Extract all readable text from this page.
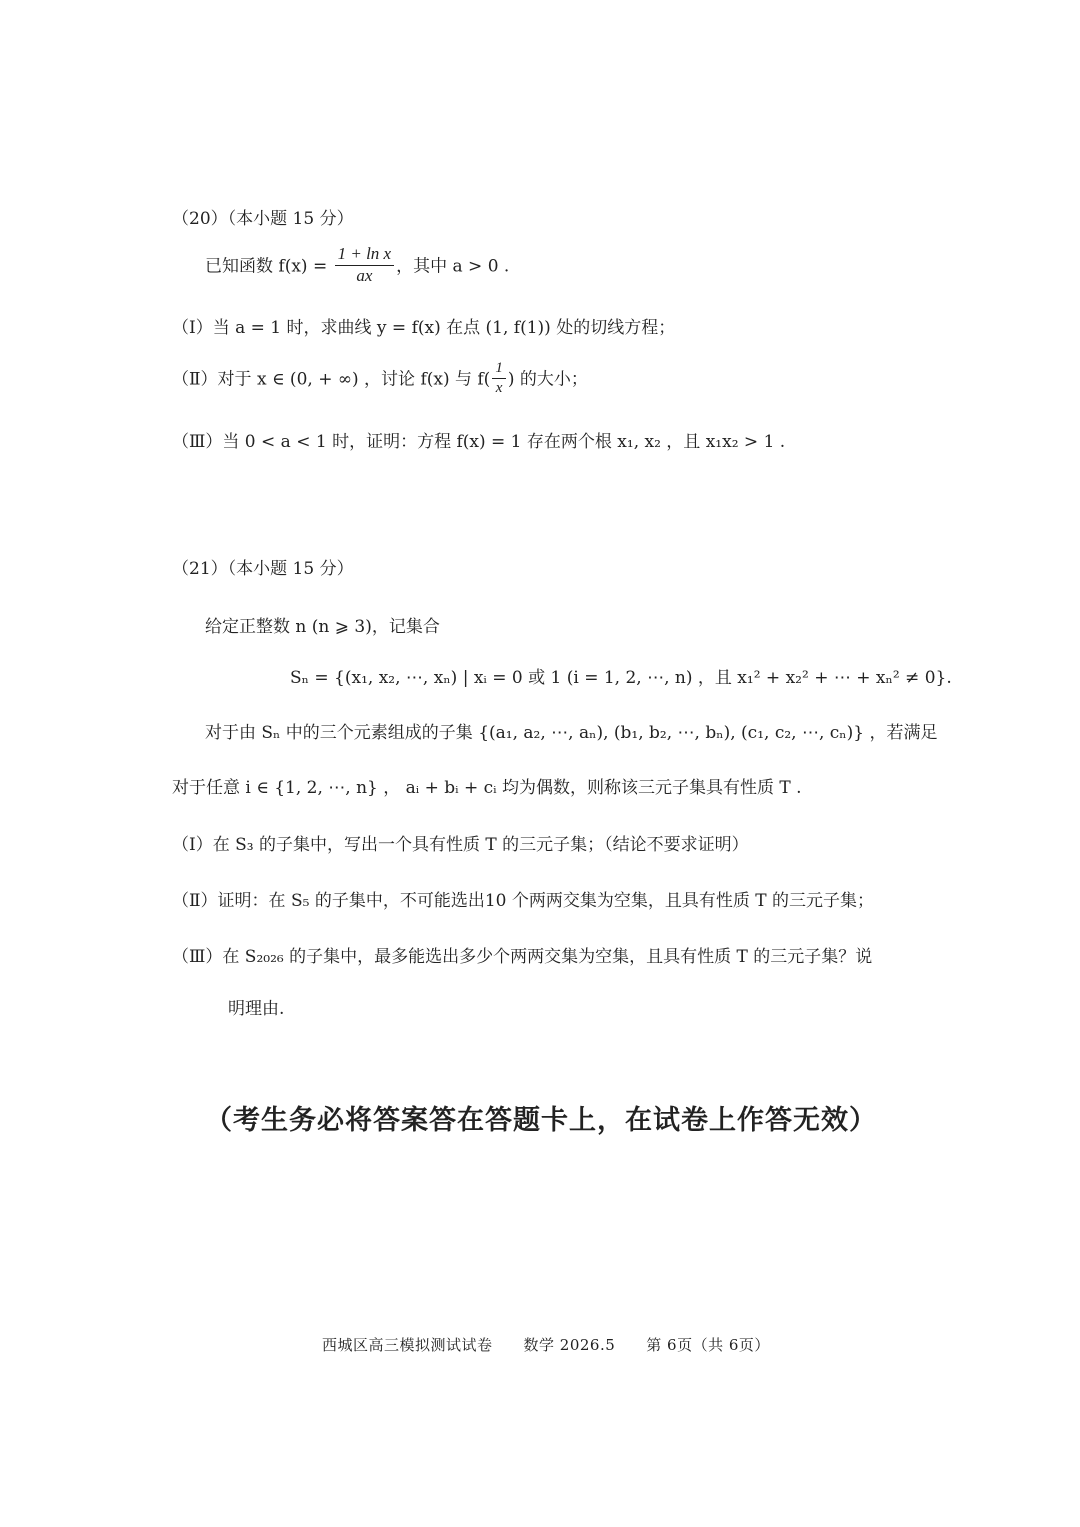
（20）（本小题 15 分）
已知函数 $f(x) = \frac{\text{1 + ln x}}{ax}$ ，其中 a > 0 .
（Ⅰ）当 a = 1 时，求曲线 y = f(x) 在点 (1, f(1)) 处的切线方程；
（Ⅱ）对于 x ∈ (0, + ∞) ，讨论 f(x) 与 $f( \frac{1}{x}$ ) 的大小；
（Ⅲ）当 0 < a < 1 时，证明：方程 f(x) = 1 存在两个根 x₁, x₂ ，且 x₁x₂ > 1 .
（21）（本小题 15 分）
给定正整数 n (n ⩾ 3)，记集合
Sₙ = {(x₁, x₂, ⋯, xₙ) | xᵢ = 0 或 1 (i = 1, 2, ⋯, n) ，且 x₁² + x₂² + ⋯ + xₙ² ≠ 0}.
对于由 Sₙ 中的三个元素组成的子集 {(a₁, a₂, ⋯, aₙ), (b₁, b₂, ⋯, bₙ), (c₁, c₂, ⋯, cₙ)} ，若满足
对于任意 i ∈ {1, 2, ⋯, n} ， aᵢ + bᵢ + cᵢ 均为偶数，则称该三元子集具有性质 T .
（Ⅰ）在 S₃ 的子集中，写出一个具有性质 T 的三元子集；（结论不要求证明）
（Ⅱ）证明：在 S₅ 的子集中，不可能选出10 个两两交集为空集，且具有性质 T 的三元子集；
（Ⅲ）在 S₂₀₂₆ 的子集中，最多能选出多少个两两交集为空集，且具有性质 T 的三元子集？说
明理由.
（考生务必将答案答在答题卡上，在试卷上作答无效）
西城区高三模拟测试试卷　　数学 2026.5　　第 6页（共 6页）
